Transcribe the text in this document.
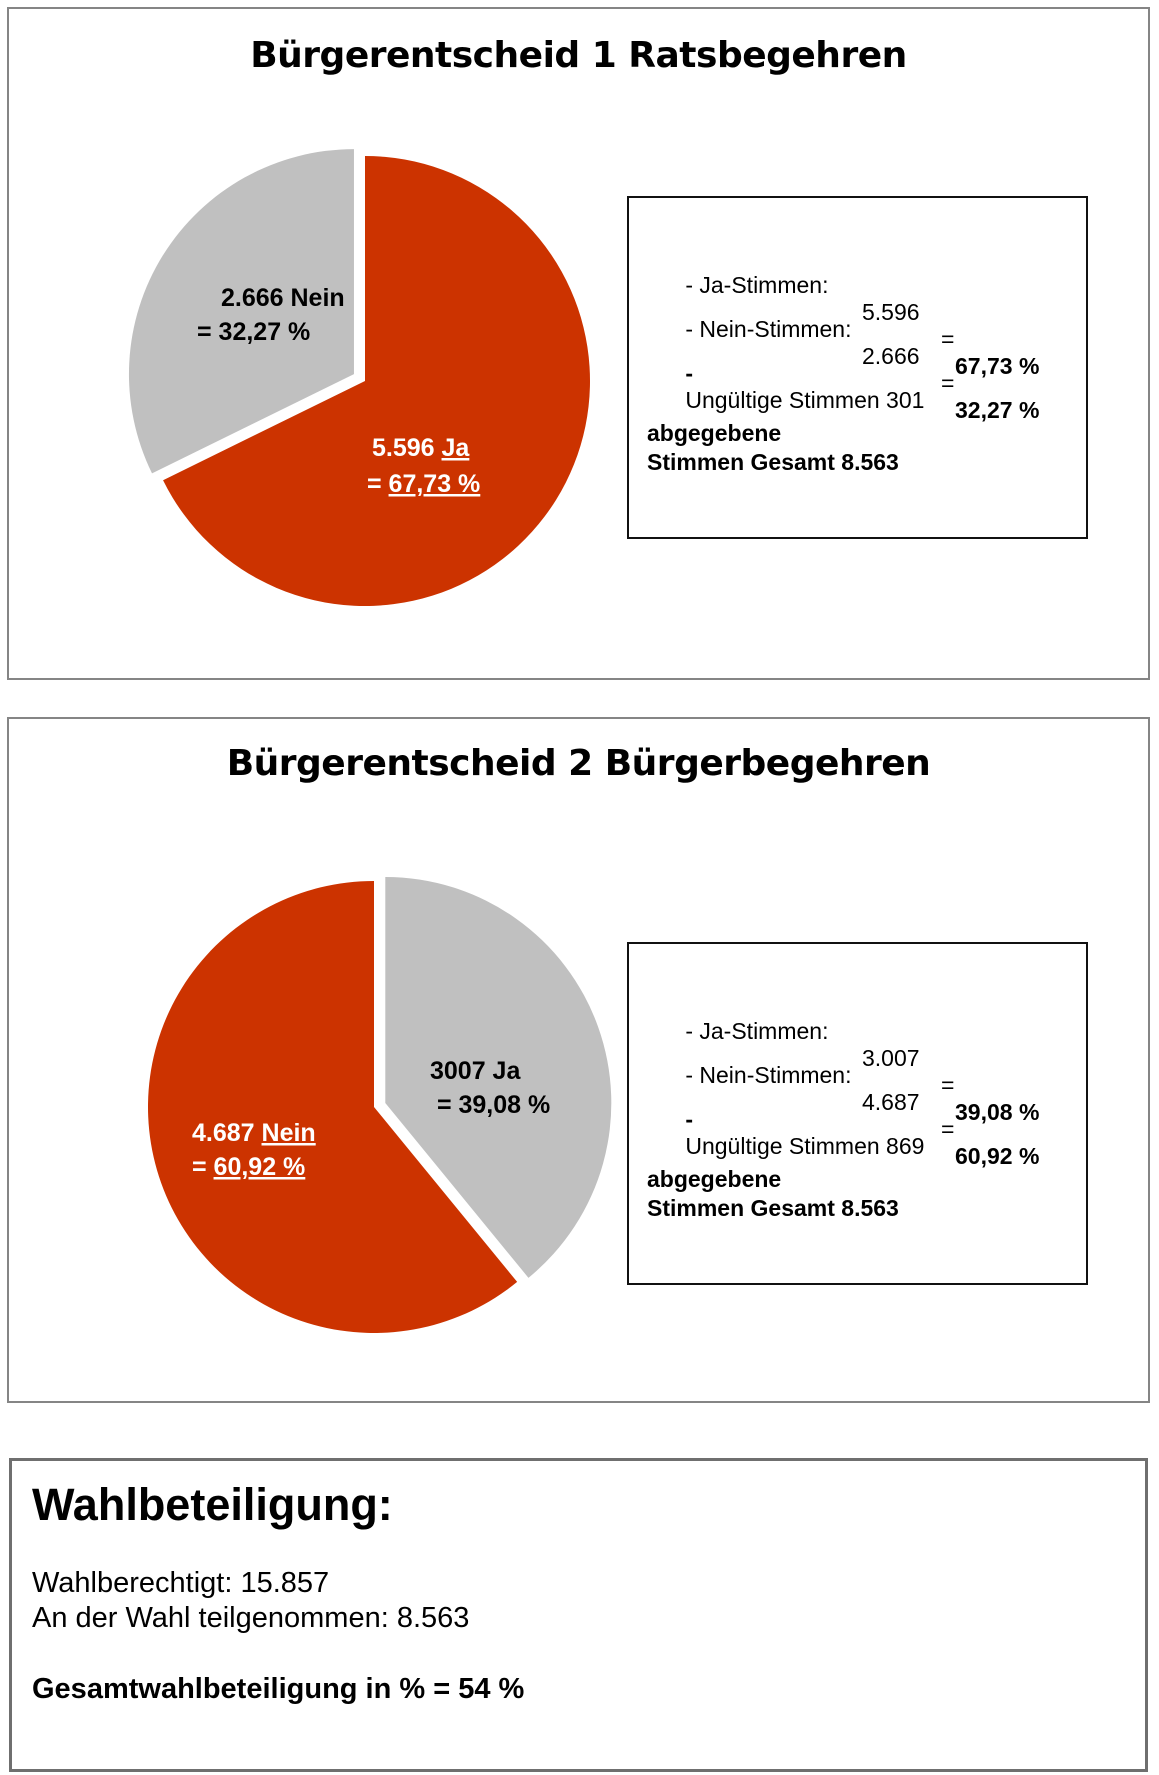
Bürgerentscheid 1 Ratsbegehren
2.666 Nein
= 32,27 %
5.596 Ja
= 67,73 %

- Ja-Stimmen:

5.596

=

67,73 %

- Nein-Stimmen:

2.666

=

32,27 %

-
Ungültige Stimmen 301

abgegebene
Stimmen Gesamt 8.563
Bürgerentscheid 2 Bürgerbegehren
3007 Ja
= 39,08 %
4.687 Nein
= 60,92 %

- Ja-Stimmen:

3.007

=

39,08 %

- Nein-Stimmen:

4.687

=

60,92 %

-
Ungültige Stimmen 869

abgegebene
Stimmen Gesamt 8.563
Wahlbeteiligung:
Wahlberechtigt: 15.857
An der Wahl teilgenommen: 8.563
Gesamtwahlbeteiligung in % = 54 %
